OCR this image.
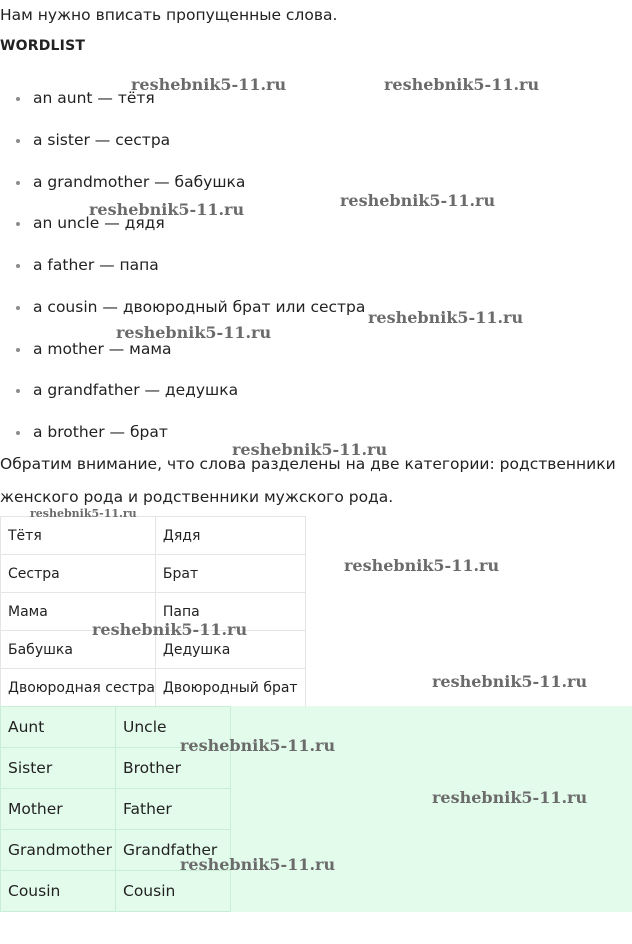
Нам нужно вписать пропущенные слова.

WORDLIST
an aunt — тётя
a sister — сестра
a grandmother — бабушка
an uncle — дядя
a father — папа
a cousin — двоюродный брат или сестра
a mother — мама
a grandfather — дедушка
a brother — брат

Обратим внимание, что слова разделены на две категории: родственники женского рода и родственники мужского рода.

Тётя	Дядя
Сестра	Брат
Мама	Папа
Бабушка	Дедушка
Двоюродная сестра	Двоюродный брат
Aunt	Uncle
Sister	Brother
Mother	Father
Grandmother	Grandfather
Cousin	Cousin
reshebnik5-11.ru	reshebnik5-11.ru
reshebnik5-11.ru	reshebnik5-11.ru
reshebnik5-11.ru
reshebnik5-11.ru
reshebnik5-11.ru
reshebnik5-11.ru
reshebnik5-11.ru
reshebnik5-11.ru
reshebnik5-11.ru
reshebnik5-11.ru
reshebnik5-11.ru
reshebnik5-11.ru
